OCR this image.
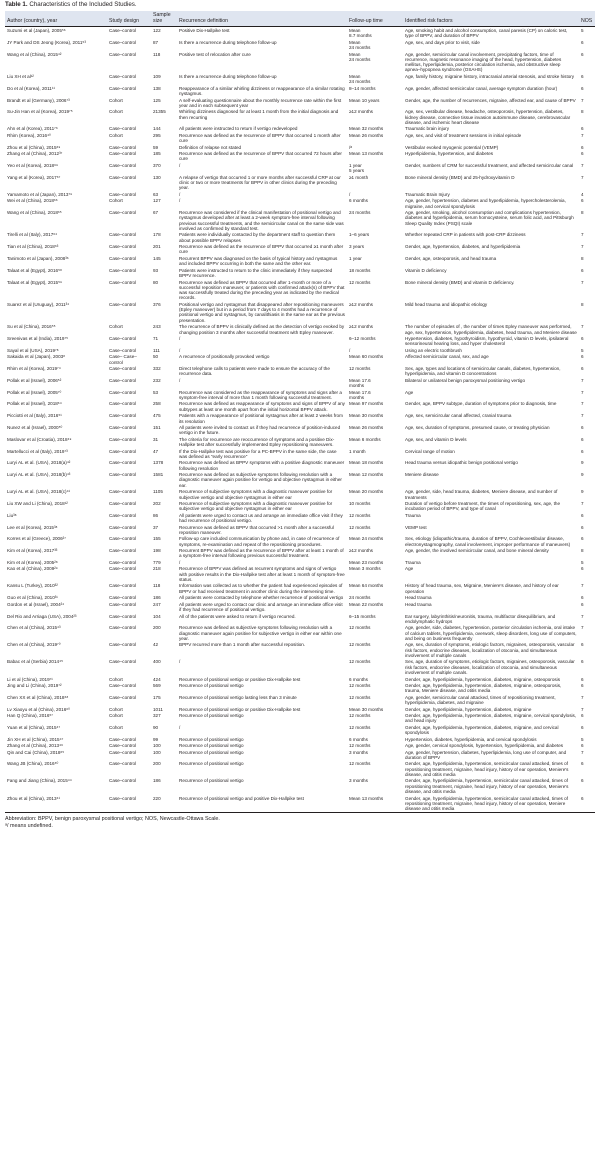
Table 1. Characteristics of the Included Studies.
Author (country), year	Study design	Sample size	Recurrence definition	Follow-up time	Identified risk factors	NOS
Suzumi et al (Japan), 2005⁵⁶	Case–control	122	Positive Dix-Hallpike test	Mean
8.7 months	Age, smoking habit and alcohol consumption, canal paresis (CP) on caloric test, type of BPPV, and duration of BPPV	5
JY Park and DS Jeong (Korea), 2011⁵³	Case–control	87	Is there a recurrence during telephone follow-up	Mean
24 months	Age, sex, and days prior to visit, side	6
Wang et al (China), 2015⁴²	Case–control	118	Positive test of relocation after cure	Mean
24 months	Age, gender, semicircular canal involvement, precipitating factors, time of recurrence, magnetic resonance imaging of the head, hypertension, diabetes mellitus, hyperlipidemia, posterior circulation ischemia, and obstructive sleep apnea–hypopnea syndrome (OSAHS)	6
Liu XH et al¹²	Case–control	109	Is there a recurrence during telephone follow-up	Mean
24 months	Age, family history, migraine history, intracranial arterial stenosis, and stroke history	6
Do et al (Korea), 2011¹¹	Case–control	138	Reappearance of a similar whirling dizziness or reappearance of a similar rotating nystagmus.	8–14 months	Age, gender, affected semicircular canal, average symptom duration (hour)	6
Brandt et al (Germany), 2006⁷³	Cohort	125	A self-evaluating questionnaire about the monthly recurrence rate within the first year and in each subsequent year	Mean 10 years	Gender, age, the number of recurrences, migraine, affected ear, and cause of BPPV	7
Su-Jin Han et al (Korea), 2019⁷⁵	Cohort	21355	Whirling dizziness diagnosed for at least 1 month from the initial diagnosis and then recurring	≥12 months	Age, sex, vestibular disease, headache, osteoporosis, hypertension, diabetes, kidney disease, connective tissue invasion autoimmune disease, cerebrovascular disease, and ischemic heart disease	8
Ahn et al (Korea), 2011⁷⁶	Case–control	144	All patients were instructed to return if vertigo redeveloped	Mean 32 months	Traumatic brain injury	6
Rhim (Korea), 2016⁴⁰	Cohort	295	Recurrence was defined as the recurrence of BPPV that occurred 1 month after cure	Mean 26 months	Age, sex, and visit of treatment sessions in initial episode	7
Zhou et al (China), 2015⁶⁹	Case–control	59	Definition of relapse not stated	/ᵃ	Vestibular evoked myogenic potential (VEMP)	6
Zhang et al (China), 2012³⁷	Case–control	185	Recurrence was defined as the recurrence of BPPV that occurred 72 hours after cure	Mean 13 months	Hyperlipidemia, hypertension, and diabetes	6
Yeo et al (Korea), 2018⁶⁹	Case–control	370	/	1 year
5 years	Gender, numbers of CRM for successful treatment, and affected semicircular canal	7
Yang et al (Korea), 2017⁶⁷	Case–control	130	A relapse of vertigo that occurred 1 or more months after successful CRP at our clinic or two or more treatments for BPPV in other clinics during the preceding year.	≥1 month	Bone mineral density (BMD) and 25-hydroxyvitamin D	7
Yamamoto et al (Japan), 2013⁷⁹	Case–control	63	/	/	Traumatic Brain Injury	4
Wei et al (China), 2018⁶⁶	Cohort	127	/	6 months	Age, gender, hypertension, diabetes and hyperlipidemia, hypercholesterolemia, migraine, and cervical spondylosis	6
Wang et al (China), 2018⁶⁵	Case–control	67	Recurrence was considered if the clinical manifestation of positional vertigo and nystagmus developed after at least a 2-week symptom-free interval following previous successful treatments, and the semicircular canal on the same side was involved as confirmed by standard test.	24 months	Age, gender, smoking, alcohol consumption and complications hypertension, diabetes and hyperlipidemia, serum homocysteine, serum folic acid, and Pittsburgh Sleep Quality Index (PSQI) scale	8
Tirelli et al (Italy), 2017⁶⁴	Case–control	178	Patients were individually contacted by the department staff to question them about possible BPPV relapses	1–6 years	Whether repeated CRP in patients with post-CRP dizziness	7
Tian et al (China), 2018⁶³	Case–control	201	Recurrence was defined as the recurrence of BPPV that occurred ≥1 month after cure	3 years	Gender, age, hypertension, diabetes, and hyperlipidemia	7
Tanimoto et al (Japan), 2008³⁶	Case–control	145	Recurrent BPPV was diagnosed on the basis of typical history and nystagmus and included BPPV occurring in both the same and the other ear.	1 year	Gender, age, osteoporosis, and head trauma	8
Talaat et al (Egypt), 2016⁵⁸	Case–control	93	Patients were instructed to return to the clinic immediately if they suspected BPPV recurrence.	18 months	Vitamin D deficiency	6
Talaat et al (Egypt), 2015⁵⁹	Case–control	80	Recurrence was defined as BPPV that occurred after 1-month or more of a successful reposition maneuver, or patients with confirmed attack(s) of BPPV that was successfully treated during the preceding year as indicated by the medical records.	12 months	Bone mineral density (BMD) and vitamin D deficiency.	7
Suarez et al (Uruguay), 2011³⁴	Case–control	376	Positional vertigo and nystagmus that disappeared after repositioning maneuvers (Epley maneuver) but in a period from 7 days to 4 months had a recurrence of positional vertigo and nystagmus, by canalithiasis in the same ear as the previous presentation.	≥12 months	Mild head trauma and idiopathic etiology	8
Su et al (China), 2016⁵⁵	Cohort	243	The recurrence of BPPV is clinically defined as the detection of vertigo evoked by changing position 3 months after successful treatment with Epley maneuver.	≥12 months	The number of episodes of , the number of times Epley maneuver was performed, age, sex, hypertension, hyperlipidemia, diabetes, head trauma, and Meniere disease	7
Sreenivas et al (India), 2019⁷⁵	Case–control	71	/	6–12 months	Hypertension, diabetes, hypothyroidism, hypothyroid, vitamin D levels, ipsilateral sensorineural hearing loss, and hyper cholesterol	6
Sayal et al (USA), 2019⁷⁸	Case–control	111	/	/	Using an electric toothbrush	5
Sakaida et al (Japan), 2003⁸	Case– Case–control	50	A recurrence of positionally provoked vertigo	Mean 60 months	Affected semicircular canal, sex, and age	6
Rhim et al (Korea), 2019⁷⁴	Case–control	332	Direct telephone calls to patients were made to ensure the accuracy of the recurrence data.	12 months	Sex, age, types and locations of semicircular canals, diabetes, hypertension, hyperlipidemia, and vitamin D concentrations	6
Pollak et al (Israel), 2006⁵²	Case–control	232	/	Mean 17.6
months	Bilateral or unilateral benign paroxysmal positioning vertigo	7
Pollak et al (Israel), 2005⁷⁰	Case–control	53	Recurrence was considered as the reappearance of symptoms and signs after a symptom-free interval of more than 1 month following successful treatment.	Mean 17.6
months	Age	7
Pollak et al (Israel), 2018⁶⁴	Case–control	258	Recurrence was defined as reappearance of symptoms and signs of BPPV of any subtypes at least one month apart from the initial horizontal BPPV attack.	Mean 97 months	Gender, age, BPPV subtype, duration of symptoms prior to diagnosis, time	7
Picciotti et al (Italy), 2016⁵¹	Case–control	475	Patients with a reappearance of positional nystagmus after at least 2 weeks from its resolution	Mean 30 months	Age, sex, semicircular canal affected, cranial trauma	7
Nunez et al (Israel), 2000⁵⁰	Case–control	151	All patients were invited to contact us if they had recurrence of position-induced vertigo in the future.	Mean 26 months	Age, sex, duration of symptoms, presumed cause, or treating physician	6
Maslovar et al (Croatia), 2018⁴⁹	Case–control	31	The criteria for recurrence are reoccurrence of symptoms and a positive Dix-Hallpike test after successfully implemented Epley repositioning maneuvers.	Mean 6 months	Age, sex, and vitamin D levels	6
Martellucci et al (Italy), 2019⁷³	Case–control	47	If the Dix-Hallpike test was positive for a PC-BPPV in the same side, the case was defined as "early recurrence"	1 month	Cervical range of motion	6
Luryi AL et al. (USA), 2018(a)⁴²	Case–control	1378	Recurrence was defined as BPPV symptoms with a positive diagnostic maneuver following resolution	Mean 18 months	Head trauma versus idiopathic benign positional vertigo	9
Luryi AL et al. (USA), 2018(b)⁴³	Case–control	1581	Recurrence was defined as subjective symptoms following resolution with a diagnostic maneuver again positive for vertigo and objective nystagmus in either ear.	Mean 12 months	Meniere disease	9
Luryi AL et al. (USA), 2018(c)⁴¹	Case–control	1105	Recurrence of subjective symptoms with a diagnostic maneuver positive for subjective vertigo and objective nystagmus in either ear	Mean 20 months	Age, gender, side, head trauma, diabetes, Meniere disease, and number of treatments	9
Liu XW and Li (China), 2018¹²	Case–control	202	Recurrence of subjective symptoms with a diagnostic maneuver positive for subjective vertigo and objective nystagmus in either ear	10 months	Duration of vertigo before treatment, the times of repositioning, sex, age, the incubation period of BPPV, and type of canal	7
Liu³⁸	Case–control	86	All patients were urged to contact us and arrange an immediate office visit if they had recurrence of positional vertigo.	12 months	Trauma	6
Lee et al (Korea), 2015³⁸	Case–control	37	Recurrence was defined as BPPV that occurred >1 month after a successful reposition maneuver.	12 months	VEMP test	6
Korres et al (Greece), 2006²⁷	Case–control	155	Follow-up care included communication by phone and, in case of recurrence of symptoms, re-examination and repeat of the repositioning procedures.	Mean 24 months	Sex, etiology (idiopathic/trauma, duration of BPPV, Cochleovestibular disease, electronystagmography, canal involvement, improper performance of maneuvers)	6
Kim et al (Korea), 2017³³	Case–control	198	Recurrent BPPV was defined as the recurrence of BPPV after at least 1 month of a symptom-free interval following previous successful treatment.	≥12 months	Age, gender, the involved semicircular canal, and bone mineral density	8
Kim et al (Korea), 2005²⁸	Case–control	779	/	Mean 23 months	Trauma	5
Kao et al (China), 2009²⁹	Case–control	218	Recurrence of BPPV was defined as recurrent symptoms and signs of vertigo with positive results in the Dix-Hallpike test after at least 1 month of symptom-free status.	Mean 3 months	Age	6
Kansu L (Turkey), 2010³²	Case–control	118	Information was collected as to whether the patient had experienced episodes of BPPV or had received treatment in another clinic during the intervening time.	Mean 64 months	History of head trauma, sex, Migraine, Meniere's disease, and history of ear operation	7
Guo et al (China), 2010³¹	Case–control	186	All patients were contacted by telephone whether recurrence of positional vertigo	24 months	Head trauma	6
Gordon et al (Israel), 2004²⁴	Case–control	247	All patients were urged to contact our clinic and arrange an immediate office visit if they had recurrence of positional vertigo.	Mean 22 months	Head trauma	6
Del Rio and Arriaga (USA), 2004²³	Case–control	104	All of the patients were asked to return if vertigo recurred.	6–15 months	Ear surgery, labyrinthitis/neuronitis, trauma, multifactor disequilibrium, and endolymphatic hydrops	7
Chen et al (China), 2015⁴³	Case–control	200	Recurrence was defined as subjective symptoms following resolution with a diagnostic maneuver again positive for subjective vertigo in either ear within one year.	12 months	Age, gender, side, diabetes, hypertension, posterior circulation ischemia, oral intake of calcium tablets, hyperlipidemia, overwork, sleep disorders, long use of computers, and being on business frequently	7
Chen et al (China), 2019⁷⁰	Case–control	42	BPPV recurred more than 1 month after successful reposition.	12 months	Age, sex, duration of symptoms, etiologic factors, migraines, osteoporosis, vascular risk factors, endocrine diseases, localization of otoconia, and simultaneous involvement of multiple canals	6
Babac et al (Serbia) 2014⁴⁵	Case–control	400	/	12 months	Sex, age, duration of symptoms, etiologic factors, migraines, osteoporosis, vascular risk factors, endocrine diseases, localization of otoconia, and simultaneous involvement of multiple canals.	6
Li et al (China), 2019⁷¹	Cohort	424	Recurrence of positional vertigo or positive Dix-Hallpike test	6 months	Gender, age, hyperlipidemia, hypertension, diabetes, migraine, osteoporosis	6
Jing and Li (China), 2019⁷²	Case–control	569	Recurrence of positional vertigo	12 months	Gender, age, hyperlipidemia, hypertension, diabetes, migraine, osteoporosis, trauma, Meniere disease, and otitis media	6
Chen XX et al (China), 2018⁶⁸	Case–control	175	Recurrence of positional vertigo lasting less than 3 minute	12 months	Age, gender, semicircular canal attacked, times of repositioning treatment, hyperlipidemia, diabetes, and migraine	7
Lv Xiaoyu et al (China), 2016⁶⁰	Cohort	1011	Recurrence of positional vertigo or positive Dix-Hallpike test	Mean 30 months	Gender, age, hyperlipidemia, hypertension, diabetes, migraine	7
Han Q (China), 2016⁵⁷	Cohort	327	Recurrence of positional vertigo	12 months	Gender, age, hyperlipidemia, hypertension, diabetes, migraine, cervical spondylosis, and head injury	6
Yuan et al (China), 2015⁴⁷	Cohort	90	/	12 months	Gender, age, hyperlipidemia, hypertension, diabetes, migraine, and cervical spondylosis	6
Jin XH et al (China), 2015⁴⁷	Case–control	99	Recurrence of positional vertigo	6 months	Hypertension, diabetes, hyperlipidemia, and cervical spondylosis	5
Zhang et al (China), 2013⁴⁶	Case–control	100	Recurrence of positional vertigo	12 months	Age, gender, cervical spondylosis, hypertension, hyperlipidemia, and diabetes	6
Qin and Cai (China), 2018⁶⁵	Case–control	100	Recurrence of positional vertigo	3 months	Age, gender, hypertension, diabetes, hyperlipidemia, long use of computer, and duration of BPPV	7
Wang JB (China), 2016⁶⁰	Case–control	200	Recurrence of positional vertigo	12 months	Gender, age, hyperlipidemia, hypertension, semicircular canal attacked, times of repositioning treatment, migraine, head injury, history of ear operation, Meniere's disease, and otitis media	6
Fang and Jiang (China), 2015⁴⁴	Case–control	186	Recurrence of positional vertigo	3 months	Gender, age, hyperlipidemia, hypertension, semicircular canal attacked, times of repositioning treatment, migraine, head injury, history of ear operation, Meniere's disease, and otitis media	6
Zhou et al (China), 2013⁴¹	Case–control	220	Recurrence of positional vertigo and positive Dix-Hallpike test	Mean 13 months	Gender, age, hyperlipidemia, hypertension, semicircular canal attacked, times of repositioning treatment, migraine, head injury, history of ear operation, Meniere disease and otitis media	6
Abbreviation: BPPV, benign paroxysmal positional vertigo; NOS, Newcastle-Ottawa Scale.
ᵃ/ means undefined.
